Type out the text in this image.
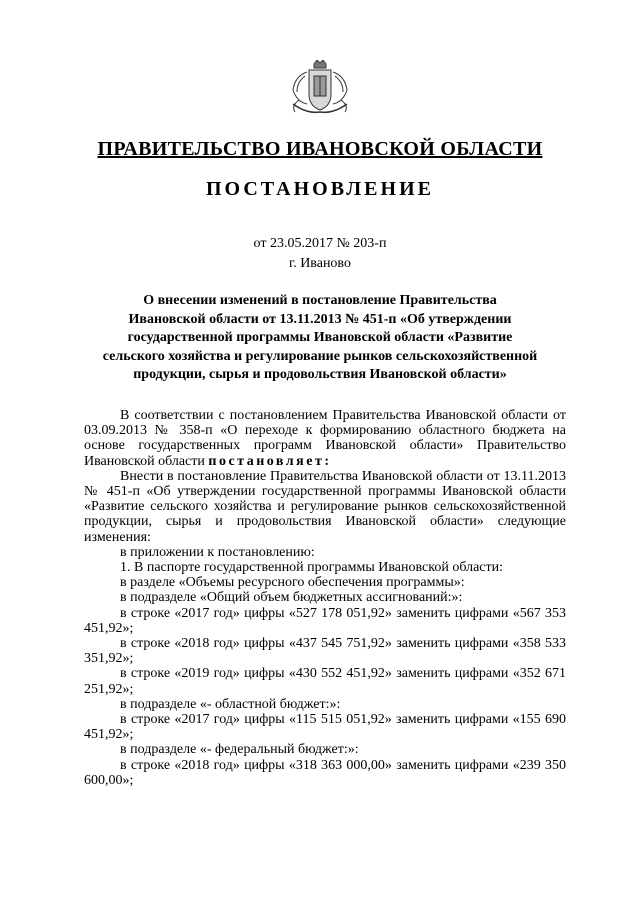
ПРАВИТЕЛЬСТВО ИВАНОВСКОЙ ОБЛАСТИ
ПОСТАНОВЛЕНИЕ
от 23.05.2017 № 203-п
г. Иваново
О внесении изменений в постановление Правительства
Ивановской области от 13.11.2013 № 451-п «Об утверждении
государственной программы Ивановской области «Развитие
сельского хозяйства и регулирование рынков сельскохозяйственной
продукции, сырья и продовольствия Ивановской области»

В соответствии с постановлением Правительства Ивановской области от 03.09.2013 № 358-п «О переходе к формированию областного бюджета на основе государственных программ Ивановской области» Правительство Ивановской области постановляет:

Внести в постановление Правительства Ивановской области от 13.11.2013 № 451-п «Об утверждении государственной программы Ивановской области «Развитие сельского хозяйства и регулирование рынков сельскохозяйственной продукции, сырья и продовольствия Ивановской области» следующие изменения:

в приложении к постановлению:

1. В паспорте государственной программы Ивановской области:

в разделе «Объемы ресурсного обеспечения программы»:

в подразделе «Общий объем бюджетных ассигнований:»:

в строке «2017 год» цифры «527 178 051,92» заменить цифрами «567 353 451,92»;

в строке «2018 год» цифры «437 545 751,92» заменить цифрами «358 533 351,92»;

в строке «2019 год» цифры «430 552 451,92» заменить цифрами «352 671 251,92»;

в подразделе «- областной бюджет:»:

в строке «2017 год» цифры «115 515 051,92» заменить цифрами «155 690 451,92»;

в подразделе «- федеральный бюджет:»:

в строке «2018 год» цифры «318 363 000,00» заменить цифрами «239 350 600,00»;
